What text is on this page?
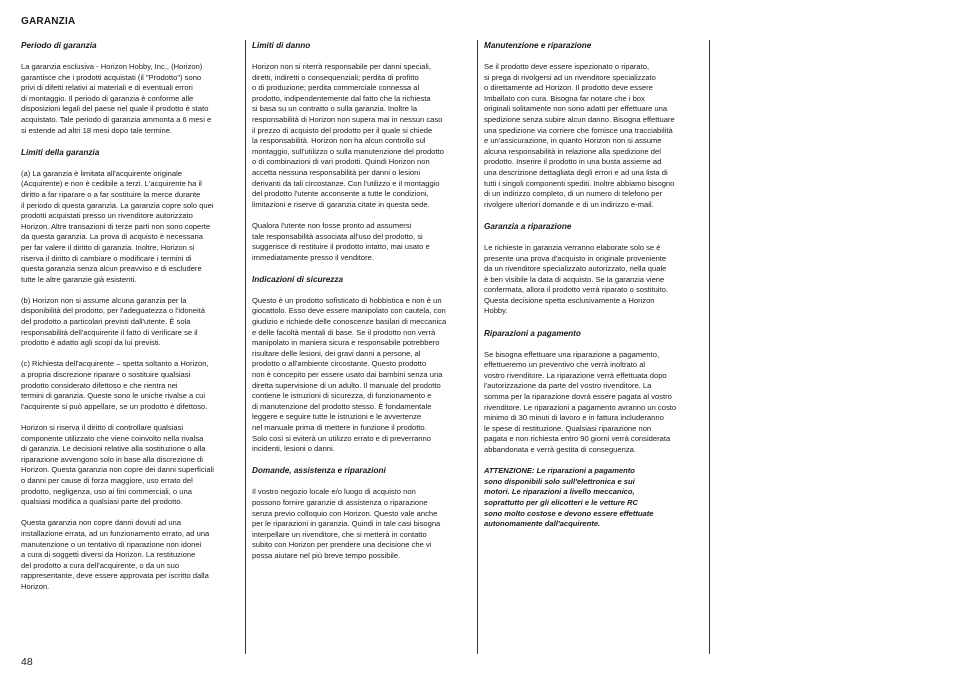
GARANZIA
Periodo di garanzia
La garanzia esclusiva - Horizon Hobby, Inc., (Horizon)
garantisce che i prodotti acquistati (il "Prodotto") sono
privi di difetti relativi ai materiali e di eventuali errori
di montaggio. Il periodo di garanzia è conforme alle
disposizioni legali del paese nel quale il prodotto è stato
acquistato. Tale periodo di garanzia ammonta a 6 mesi e
si estende ad altri 18 mesi dopo tale termine.
Limiti della garanzia
(a) La garanzia è limitata all'acquirente originale
(Acquirente) e non è cedibile a terzi. L'acquirente ha il
diritto a far riparare o a far sostituire la merce durante
il periodo di questa garanzia. La garanzia copre solo quei
prodotti acquistati presso un rivenditore autorizzato
Horizon. Altre transazioni di terze parti non sono coperte
da questa garanzia. La prova di acquisto è necessaria
per far valere il diritto di garanzia. Inoltre, Horizon si
riserva il diritto di cambiare o modificare i termini di
questa garanzia senza alcun preavviso e di escludere
tutte le altre garanzie già esistenti.
(b) Horizon non si assume alcuna garanzia per la
disponibilità del prodotto, per l'adeguatezza o l'idoneità
del prodotto a particolari previsti dall'utente. È sola
responsabilità dell'acquirente il fatto di verificare se il
prodotto è adatto agli scopi da lui previsti.
(c) Richiesta dell'acquirente – spetta soltanto a Horizon,
a propria discrezione riparare o sostituire qualsiasi
prodotto considerato difettoso e che rientra nei
termini di garanzia. Queste sono le uniche rivalse a cui
l'acquirente si può appellare, se un prodotto è difettoso.
Horizon si riserva il diritto di controllare qualsiasi
componente utilizzato che viene coinvolto nella rivalsa
di garanzia. Le decisioni relative alla sostituzione o alla
riparazione avvengono solo in base alla discrezione di
Horizon. Questa garanzia non copre dei danni superficiali
o danni per cause di forza maggiore, uso errato del
prodotto, negligenza, uso ai fini commerciali, o una
qualsiasi modifica a qualsiasi parte del prodotto.
Questa garanzia non copre danni dovuti ad una
installazione errata, ad un funzionamento errato, ad una
manutenzione o un tentativo di riparazione non idonei
a cura di soggetti diversi da Horizon. La restituzione
del prodotto a cura dell'acquirente, o da un suo
rappresentante, deve essere approvata per iscritto dalla
Horizon.
Limiti di danno
Horizon non si riterrà responsabile per danni speciali,
diretti, indiretti o consequenziali; perdita di profitto
o di produzione; perdita commerciale connessa al
prodotto, indipendentemente dal fatto che la richiesta
si basa su un contratto o sulla garanzia. Inoltre la
responsabilità di Horizon non supera mai in nessun caso
il prezzo di acquisto del prodotto per il quale si chiede
la responsabilità. Horizon non ha alcun controllo sul
montaggio, sull'utilizzo o sulla manutenzione del prodotto
o di combinazioni di vari prodotti. Quindi Horizon non
accetta nessuna responsabilità per danni o lesioni
derivanti da tali circostanze. Con l'utilizzo e il montaggio
del prodotto l'utente acconsente a tutte le condizioni,
limitazioni e riserve di garanzia citate in questa sede.
Qualora l'utente non fosse pronto ad assumersi
tale responsabilità associata all'uso del prodotto, si
suggerisce di restituire il prodotto intatto, mai usato e
immediatamente presso il venditore.
Indicazioni di sicurezza
Questo è un prodotto sofisticato di hobbistica e non è un
giocattolo. Esso deve essere manipolato con cautela, con
giudizio e richiede delle conoscenze basilari di meccanica
e delle facoltà mentali di base. Se il prodotto non verrà
manipolato in maniera sicura e responsabile potrebbero
risultare delle lesioni, dei gravi danni a persone, al
prodotto o all'ambiente circostante. Questo prodotto
non è concepito per essere usato dai bambini senza una
diretta supervisione di un adulto. Il manuale del prodotto
contiene le istruzioni di sicurezza, di funzionamento e
di manutenzione del prodotto stesso. È fondamentale
leggere e seguire tutte le istruzioni e le avvertenze
nel manuale prima di mettere in funzione il prodotto.
Solo così si eviterà un utilizzo errato e di preverranno
incidenti, lesioni o danni.
Domande, assistenza e riparazioni
Il vostro negozio locale e/o luogo di acquisto non
possono fornire garanzie di assistenza o riparazione
senza previo colloquio con Horizon. Questo vale anche
per le riparazioni in garanzia. Quindi in tale casi bisogna
interpellare un rivenditore, che si metterà in contatto
subito con Horizon per prendere una decisione che vi
possa aiutare nel più breve tempo possibile.
Manutenzione e riparazione
Se il prodotto deve essere ispezionato o riparato,
si prega di rivolgersi ad un rivenditore specializzato
o direttamente ad Horizon. Il prodotto deve essere
Imballato con cura. Bisogna far notare che i box
originali solitamente non sono adatti per effettuare una
spedizione senza subire alcun danno. Bisogna effettuare
una spedizione via corriere che fornisce una tracciabilità
e un'assicurazione, in quanto Horizon non si assume
alcuna responsabilità in relazione alla spedizione del
prodotto. Inserire il prodotto in una busta assieme ad
una descrizione dettagliata degli errori e ad una lista di
tutti i singoli componenti spediti. Inoltre abbiamo bisogno
di un indirizzo completo, di un numero di telefono per
rivolgere ulteriori domande e di un indirizzo e-mail.
Garanzia a riparazione
Le richieste in garanzia verranno elaborate solo se è
presente una prova d'acquisto in originale proveniente
da un rivenditore specializzato autorizzato, nella quale
è ben visibile la data di acquisto. Se la garanzia viene
confermata, allora il prodotto verrà riparato o sostituito.
Questa decisione spetta esclusivamente a Horizon
Hobby.
Riparazioni a pagamento
Se bisogna effettuare una riparazione a pagamento,
effettueremo un preventivo che verrà inoltrato al
vostro rivenditore. La riparazione verrà effettuata dopo
l'autorizzazione da parte del vostro rivenditore. La
somma per la riparazione dovrà essere pagata al vostro
rivenditore. Le riparazioni a pagamento avranno un costo
minimo di 30 minuti di lavoro e in fattura includeranno
le spese di restituzione. Qualsiasi riparazione non
pagata e non richiesta entro 90 giorni verrà considerata
abbandonata e verrà gestita di conseguenza.
ATTENZIONE: Le riparazioni a pagamento
sono disponibili solo sull'elettronica e sui
motori. Le riparazioni a livello meccanico,
soprattutto per gli elicotteri e le vetture RC
sono molto costose e devono essere effettuate
autonomamente dall'acquirente.
48
